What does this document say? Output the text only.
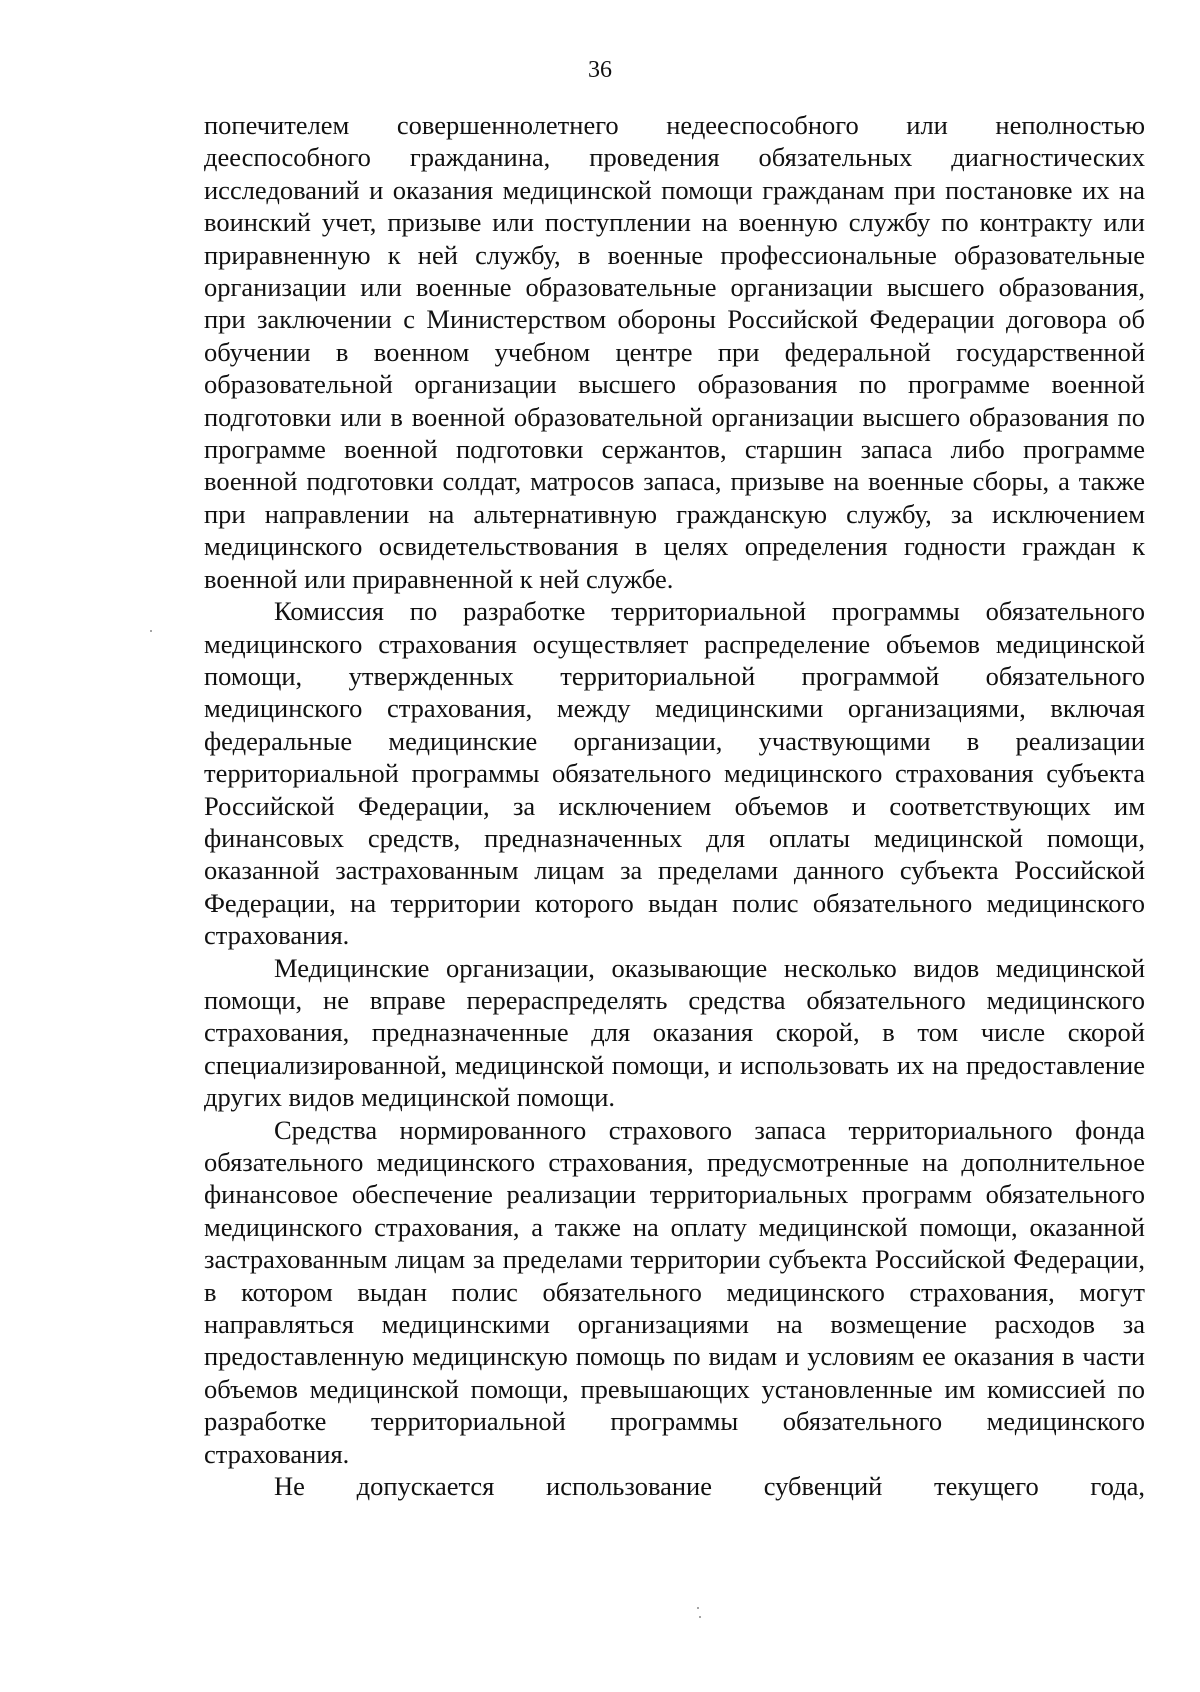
36

попечителем совершеннолетнего недееспособного или неполностью дееспособного гражданина, проведения обязательных диагностических исследований и оказания медицинской помощи гражданам при постановке их на воинский учет, призыве или поступлении на военную службу по контракту или приравненную к ней службу, в военные профессиональные образовательные организации или военные образовательные организации высшего образования, при заключении с Министерством обороны Российской Федерации договора об обучении в военном учебном центре при федеральной государственной образовательной организации высшего образования по программе военной подготовки или в военной образовательной организации высшего образования по программе военной подготовки сержантов, старшин запаса либо программе военной подготовки солдат, матросов запаса, призыве на военные сборы, а также при направлении на альтернативную гражданскую службу, за исключением медицинского освидетельствования в целях определения годности граждан к военной или приравненной к ней службе.

Комиссия по разработке территориальной программы обязательного медицинского страхования осуществляет распределение объемов медицинской помощи, утвержденных территориальной программой обязательного медицинского страхования, между медицинскими организациями, включая федеральные медицинские организации, участвующими в реализации территориальной программы обязательного медицинского страхования субъекта Российской Федерации, за исключением объемов и соответствующих им финансовых средств, предназначенных для оплаты медицинской помощи, оказанной застрахованным лицам за пределами данного субъекта Российской Федерации, на территории которого выдан полис обязательного медицинского страхования.

Медицинские организации, оказывающие несколько видов медицинской помощи, не вправе перераспределять средства обязательного медицинского страхования, предназначенные для оказания скорой, в том числе скорой специализированной, медицинской помощи, и использовать их на предоставление других видов медицинской помощи.

Средства нормированного страхового запаса территориального фонда обязательного медицинского страхования, предусмотренные на дополнительное финансовое обеспечение реализации территориальных программ обязательного медицинского страхования, а также на оплату медицинской помощи, оказанной застрахованным лицам за пределами территории субъекта Российской Федерации, в котором выдан полис обязательного медицинского страхования, могут направляться медицинскими организациями на возмещение расходов за предоставленную медицинскую помощь по видам и условиям ее оказания в части объемов медицинской помощи, превышающих установленные им комиссией по разработке территориальной программы обязательного медицинского страхования.

Не допускается использование субвенций текущего года,
